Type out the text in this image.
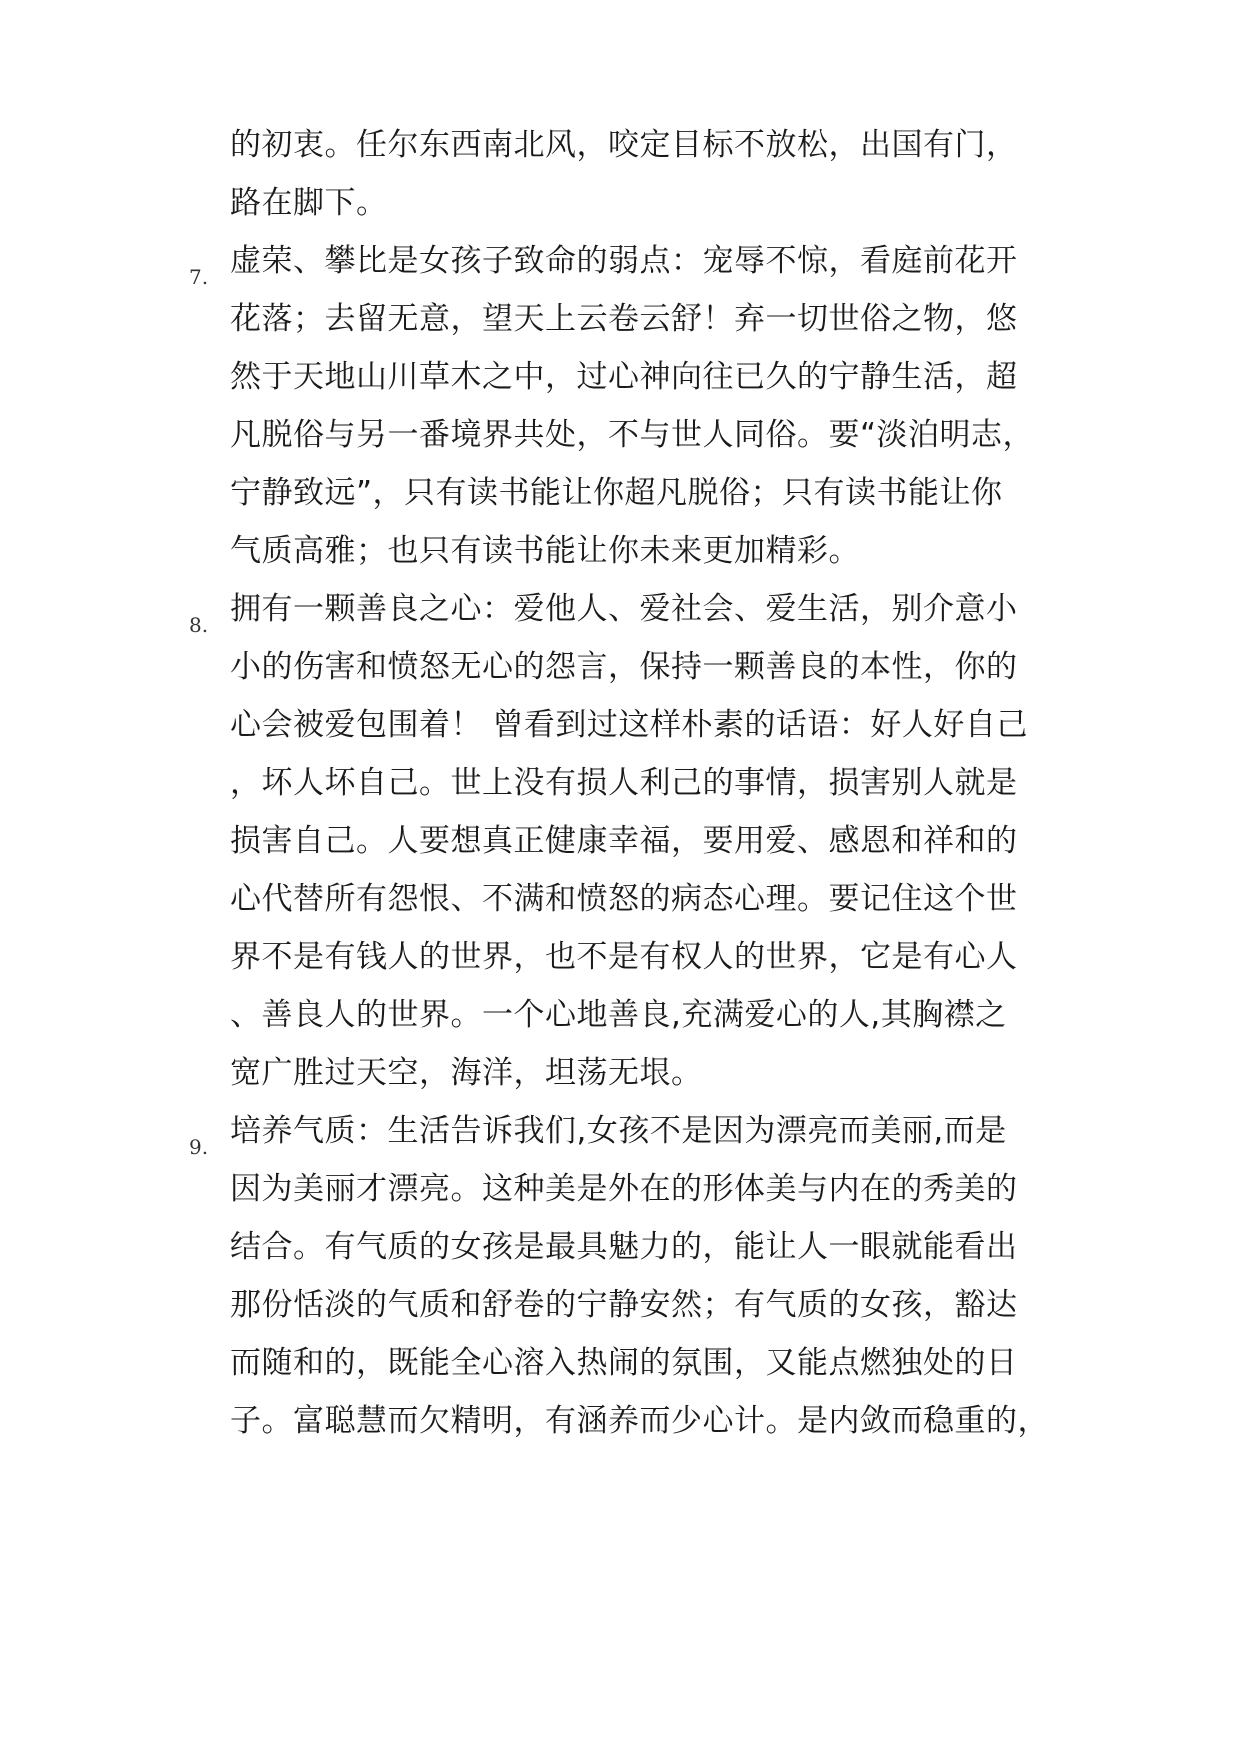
的初衷。任尔东西南北风，咬定目标不放松，出国有门，
路在脚下。
7. 虚荣、攀比是女孩子致命的弱点：宠辱不惊，看庭前花开
花落；去留无意，望天上云卷云舒！弃一切世俗之物，悠
然于天地山川草木之中，过心神向往已久的宁静生活，超
凡脱俗与另一番境界共处，不与世人同俗。要“淡泊明志，
宁静致远”，只有读书能让你超凡脱俗；只有读书能让你
气质高雅；也只有读书能让你未来更加精彩。
8. 拥有一颗善良之心：爱他人、爱社会、爱生活，别介意小
小的伤害和愤怒无心的怨言，保持一颗善良的本性，你的
心会被爱包围着！ 曾看到过这样朴素的话语：好人好自己
，坏人坏自己。世上没有损人利己的事情，损害别人就是
损害自己。人要想真正健康幸福，要用爱、感恩和祥和的
心代替所有怨恨、不满和愤怒的病态心理。要记住这个世
界不是有钱人的世界，也不是有权人的世界，它是有心人
、善良人的世界。一个心地善良,充满爱心的人,其胸襟之
宽广胜过天空，海洋，坦荡无垠。
9. 培养气质：生活告诉我们,女孩不是因为漂亮而美丽,而是
因为美丽才漂亮。这种美是外在的形体美与内在的秀美的
结合。有气质的女孩是最具魅力的，能让人一眼就能看出
那份恬淡的气质和舒卷的宁静安然；有气质的女孩，豁达
而随和的，既能全心溶入热闹的氛围，又能点燃独处的日
子。富聪慧而欠精明，有涵养而少心计。是内敛而稳重的，
